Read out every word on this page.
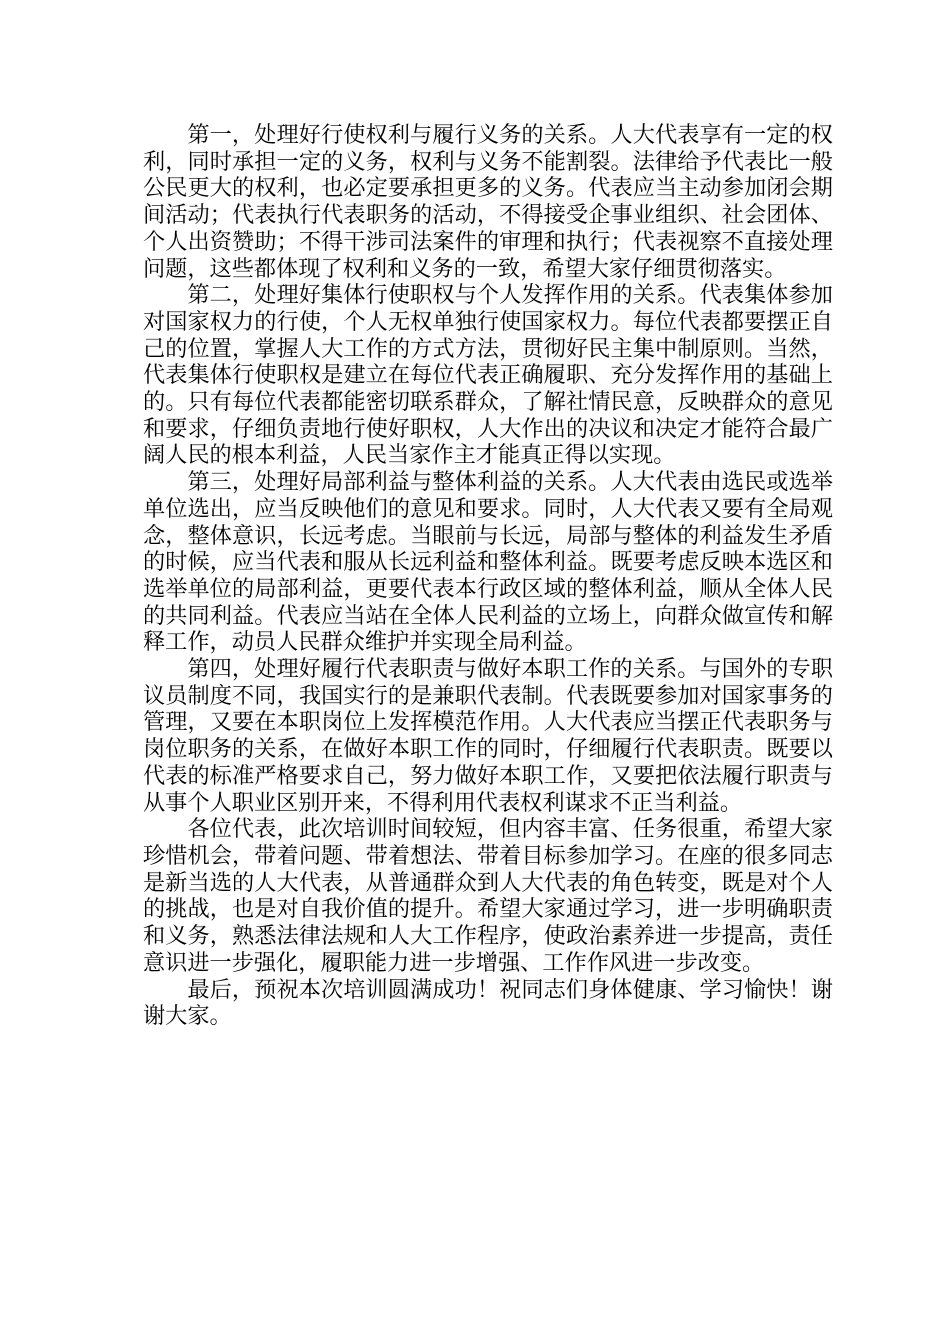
第一，处理好行使权利与履行义务的关系。人大代表享有一定的权利，同时承担一定的义务，权利与义务不能割裂。法律给予代表比一般公民更大的权利，也必定要承担更多的义务。代表应当主动参加闭会期间活动；代表执行代表职务的活动，不得接受企事业组织、社会团体、个人出资赞助；不得干涉司法案件的审理和执行；代表视察不直接处理问题，这些都体现了权利和义务的一致，希望大家仔细贯彻落实。

第二，处理好集体行使职权与个人发挥作用的关系。代表集体参加对国家权力的行使，个人无权单独行使国家权力。每位代表都要摆正自己的位置，掌握人大工作的方式方法，贯彻好民主集中制原则。当然，代表集体行使职权是建立在每位代表正确履职、充分发挥作用的基础上的。只有每位代表都能密切联系群众，了解社情民意，反映群众的意见和要求，仔细负责地行使好职权，人大作出的决议和决定才能符合最广阔人民的根本利益，人民当家作主才能真正得以实现。

第三，处理好局部利益与整体利益的关系。人大代表由选民或选举单位选出，应当反映他们的意见和要求。同时，人大代表又要有全局观念，整体意识，长远考虑。当眼前与长远，局部与整体的利益发生矛盾的时候，应当代表和服从长远利益和整体利益。既要考虑反映本选区和选举单位的局部利益，更要代表本行政区域的整体利益，顺从全体人民的共同利益。代表应当站在全体人民利益的立场上，向群众做宣传和解释工作，动员人民群众维护并实现全局利益。

第四，处理好履行代表职责与做好本职工作的关系。与国外的专职议员制度不同，我国实行的是兼职代表制。代表既要参加对国家事务的管理，又要在本职岗位上发挥模范作用。人大代表应当摆正代表职务与岗位职务的关系，在做好本职工作的同时，仔细履行代表职责。既要以代表的标准严格要求自己，努力做好本职工作，又要把依法履行职责与从事个人职业区别开来，不得利用代表权利谋求不正当利益。

各位代表，此次培训时间较短，但内容丰富、任务很重，希望大家珍惜机会，带着问题、带着想法、带着目标参加学习。在座的很多同志是新当选的人大代表，从普通群众到人大代表的角色转变，既是对个人的挑战，也是对自我价值的提升。希望大家通过学习，进一步明确职责和义务，熟悉法律法规和人大工作程序，使政治素养进一步提高，责任意识进一步强化，履职能力进一步增强、工作作风进一步改变。

最后，预祝本次培训圆满成功！祝同志们身体健康、学习愉快！谢谢大家。
